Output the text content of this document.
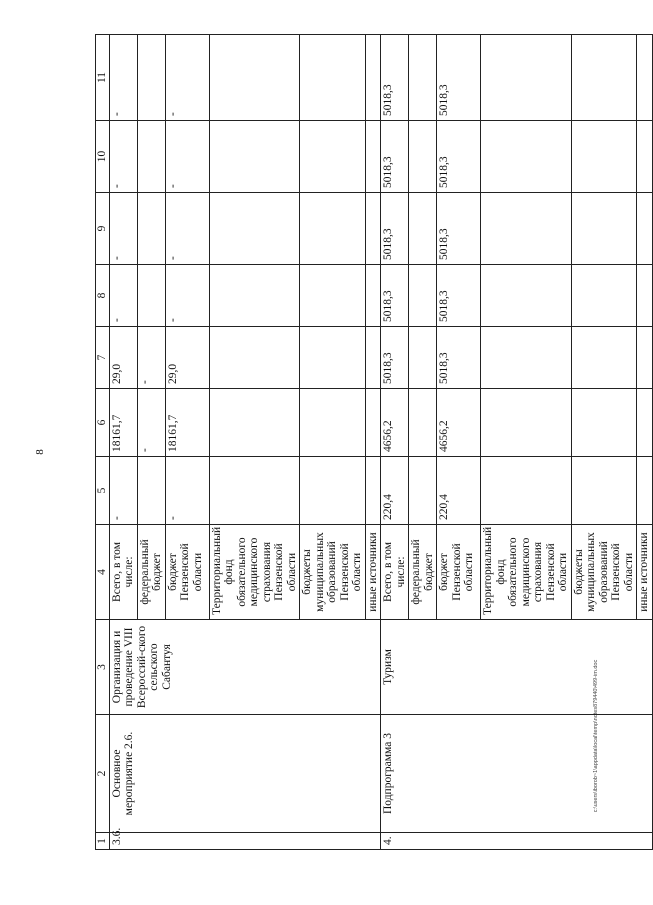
8
c:\users\iborob~1\appdata\local\temp\notes879440\499-im.doc
1	2	3	4	5	6	7	8	9	10	11
3.6.	Основное мероприятие 2.6.	Организация и проведение VIII Всероссий-ского сельского Сабантуя	Всего, в том числе:	-	18161,7	29,0	-	-	-	-
			федеральный бюджет		-	-				
			бюджет Пензенской области	-	18161,7	29,0	-	-	-	-
			Территориальный фонд обязательного медицинского страхования Пензенской области							
			бюджеты муниципальных образований Пензенской области							
			иные источники							
4.	Подпрограмма 3	Туризм	Всего, в том числе:	220,4	4656,2	5018,3	5018,3	5018,3	5018,3	5018,3
			федеральный бюджет							
			бюджет Пензенской области	220,4	4656,2	5018,3	5018,3	5018,3	5018,3	5018,3
			Территориальный фонд обязательного медицинского страхования Пензенской области							
			бюджеты муниципальных образований Пензенской области							
			иные источники							
